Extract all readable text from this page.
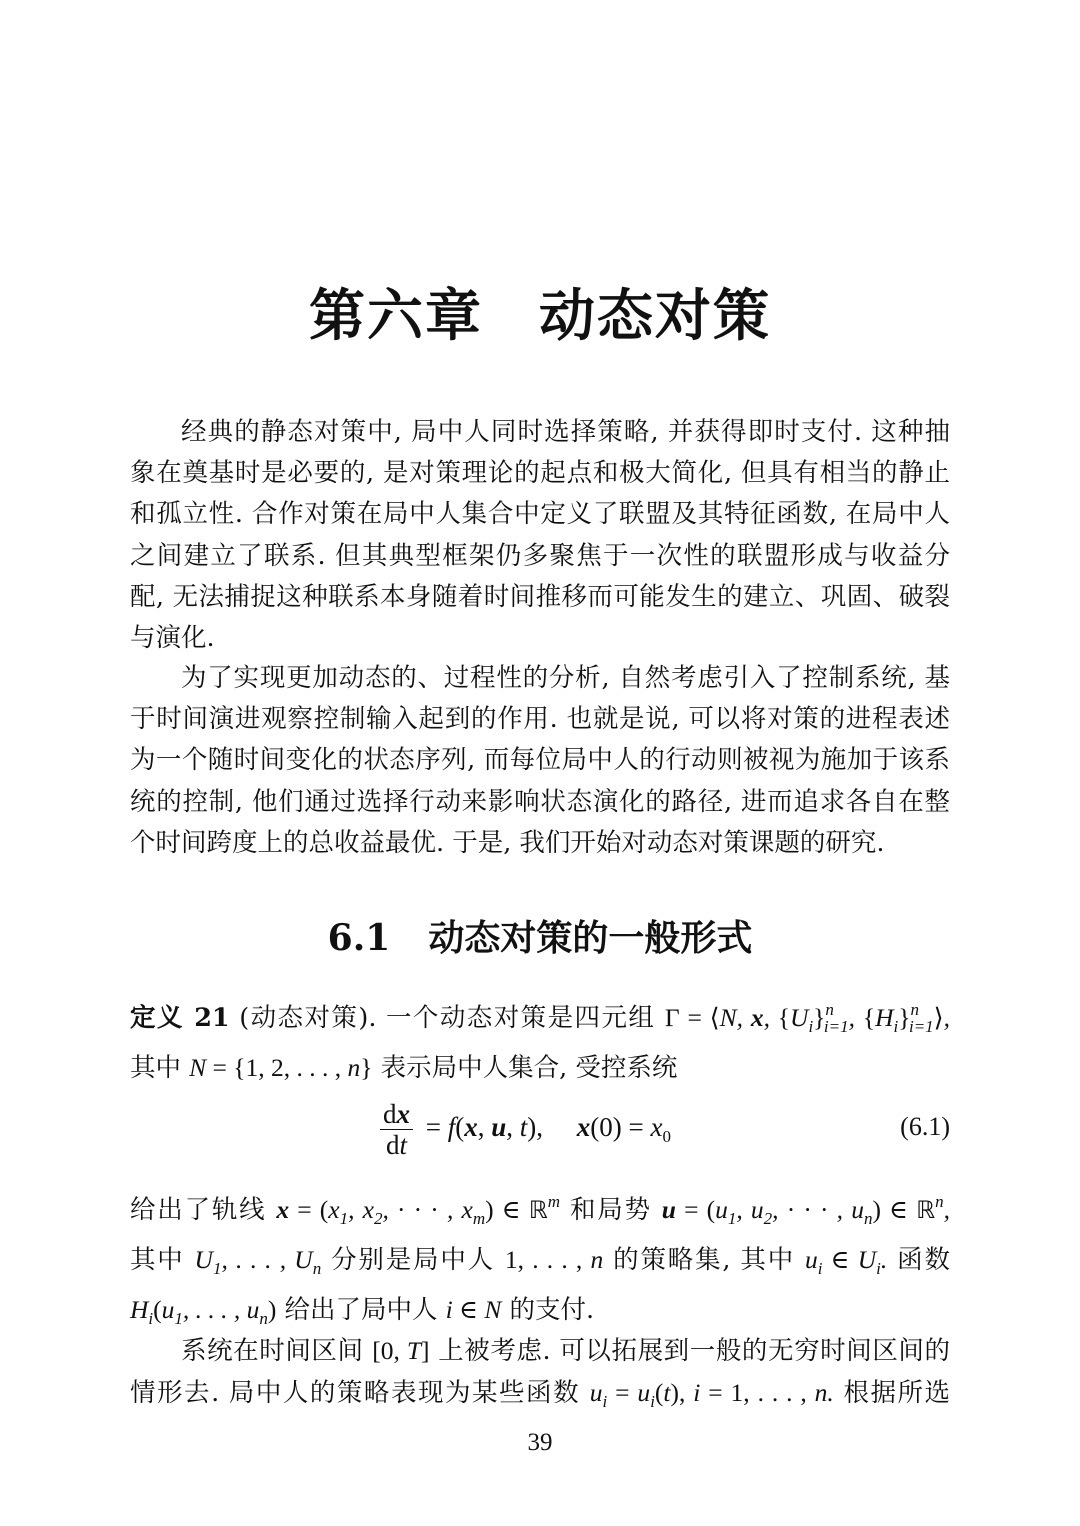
第六章 动态对策
经典的静态对策中, 局中人同时选择策略, 并获得即时支付. 这种抽
象在奠基时是必要的, 是对策理论的起点和极大简化, 但具有相当的静止
和孤立性. 合作对策在局中人集合中定义了联盟及其特征函数, 在局中人
之间建立了联系. 但其典型框架仍多聚焦于一次性的联盟形成与收益分
配, 无法捕捉这种联系本身随着时间推移而可能发生的建立、巩固、破裂
与演化.
为了实现更加动态的、过程性的分析, 自然考虑引入了控制系统, 基
于时间演进观察控制输入起到的作用. 也就是说, 可以将对策的进程表述
为一个随时间变化的状态序列, 而每位局中人的行动则被视为施加于该系
统的控制, 他们通过选择行动来影响状态演化的路径, 进而追求各自在整
个时间跨度上的总收益最优. 于是, 我们开始对动态对策课题的研究.
6.1 动态对策的一般形式
定义 21 (动态对策). 一个动态对策是四元组 Γ = ⟨N, x, $\{U_i\}^n_{i=1}$, $\{H_i\}^n_{i=1}⟩$,
其中 N = {1, 2, . . . , n} 表示局中人集合, 受控系统
$\frac{dx}{dt} = f(x$, u, t),     $x(0) = x_0$	(6.1)
给出了轨线 $x = (x_1$, $x_2$, · · · , $x_m$) ∈ ℝ$^m$ 和局势 $u = (u_1$, $u_2$, · · · , $u_n$) ∈ ℝ$^n$,
其中 $U_1$, . . . , $U_n$ 分别是局中人 1, . . . , n 的策略集, 其中 $u_i$ ∈ $U_i$. 函数
$H_i(u_1$, . . . , $u_n$) 给出了局中人 i ∈ N 的支付.
系统在时间区间 [0, T] 上被考虑. 可以拓展到一般的无穷时间区间的
情形去. 局中人的策略表现为某些函数 $u_i = u_i(t)$, i = 1, . . . , n. 根据所选
39
